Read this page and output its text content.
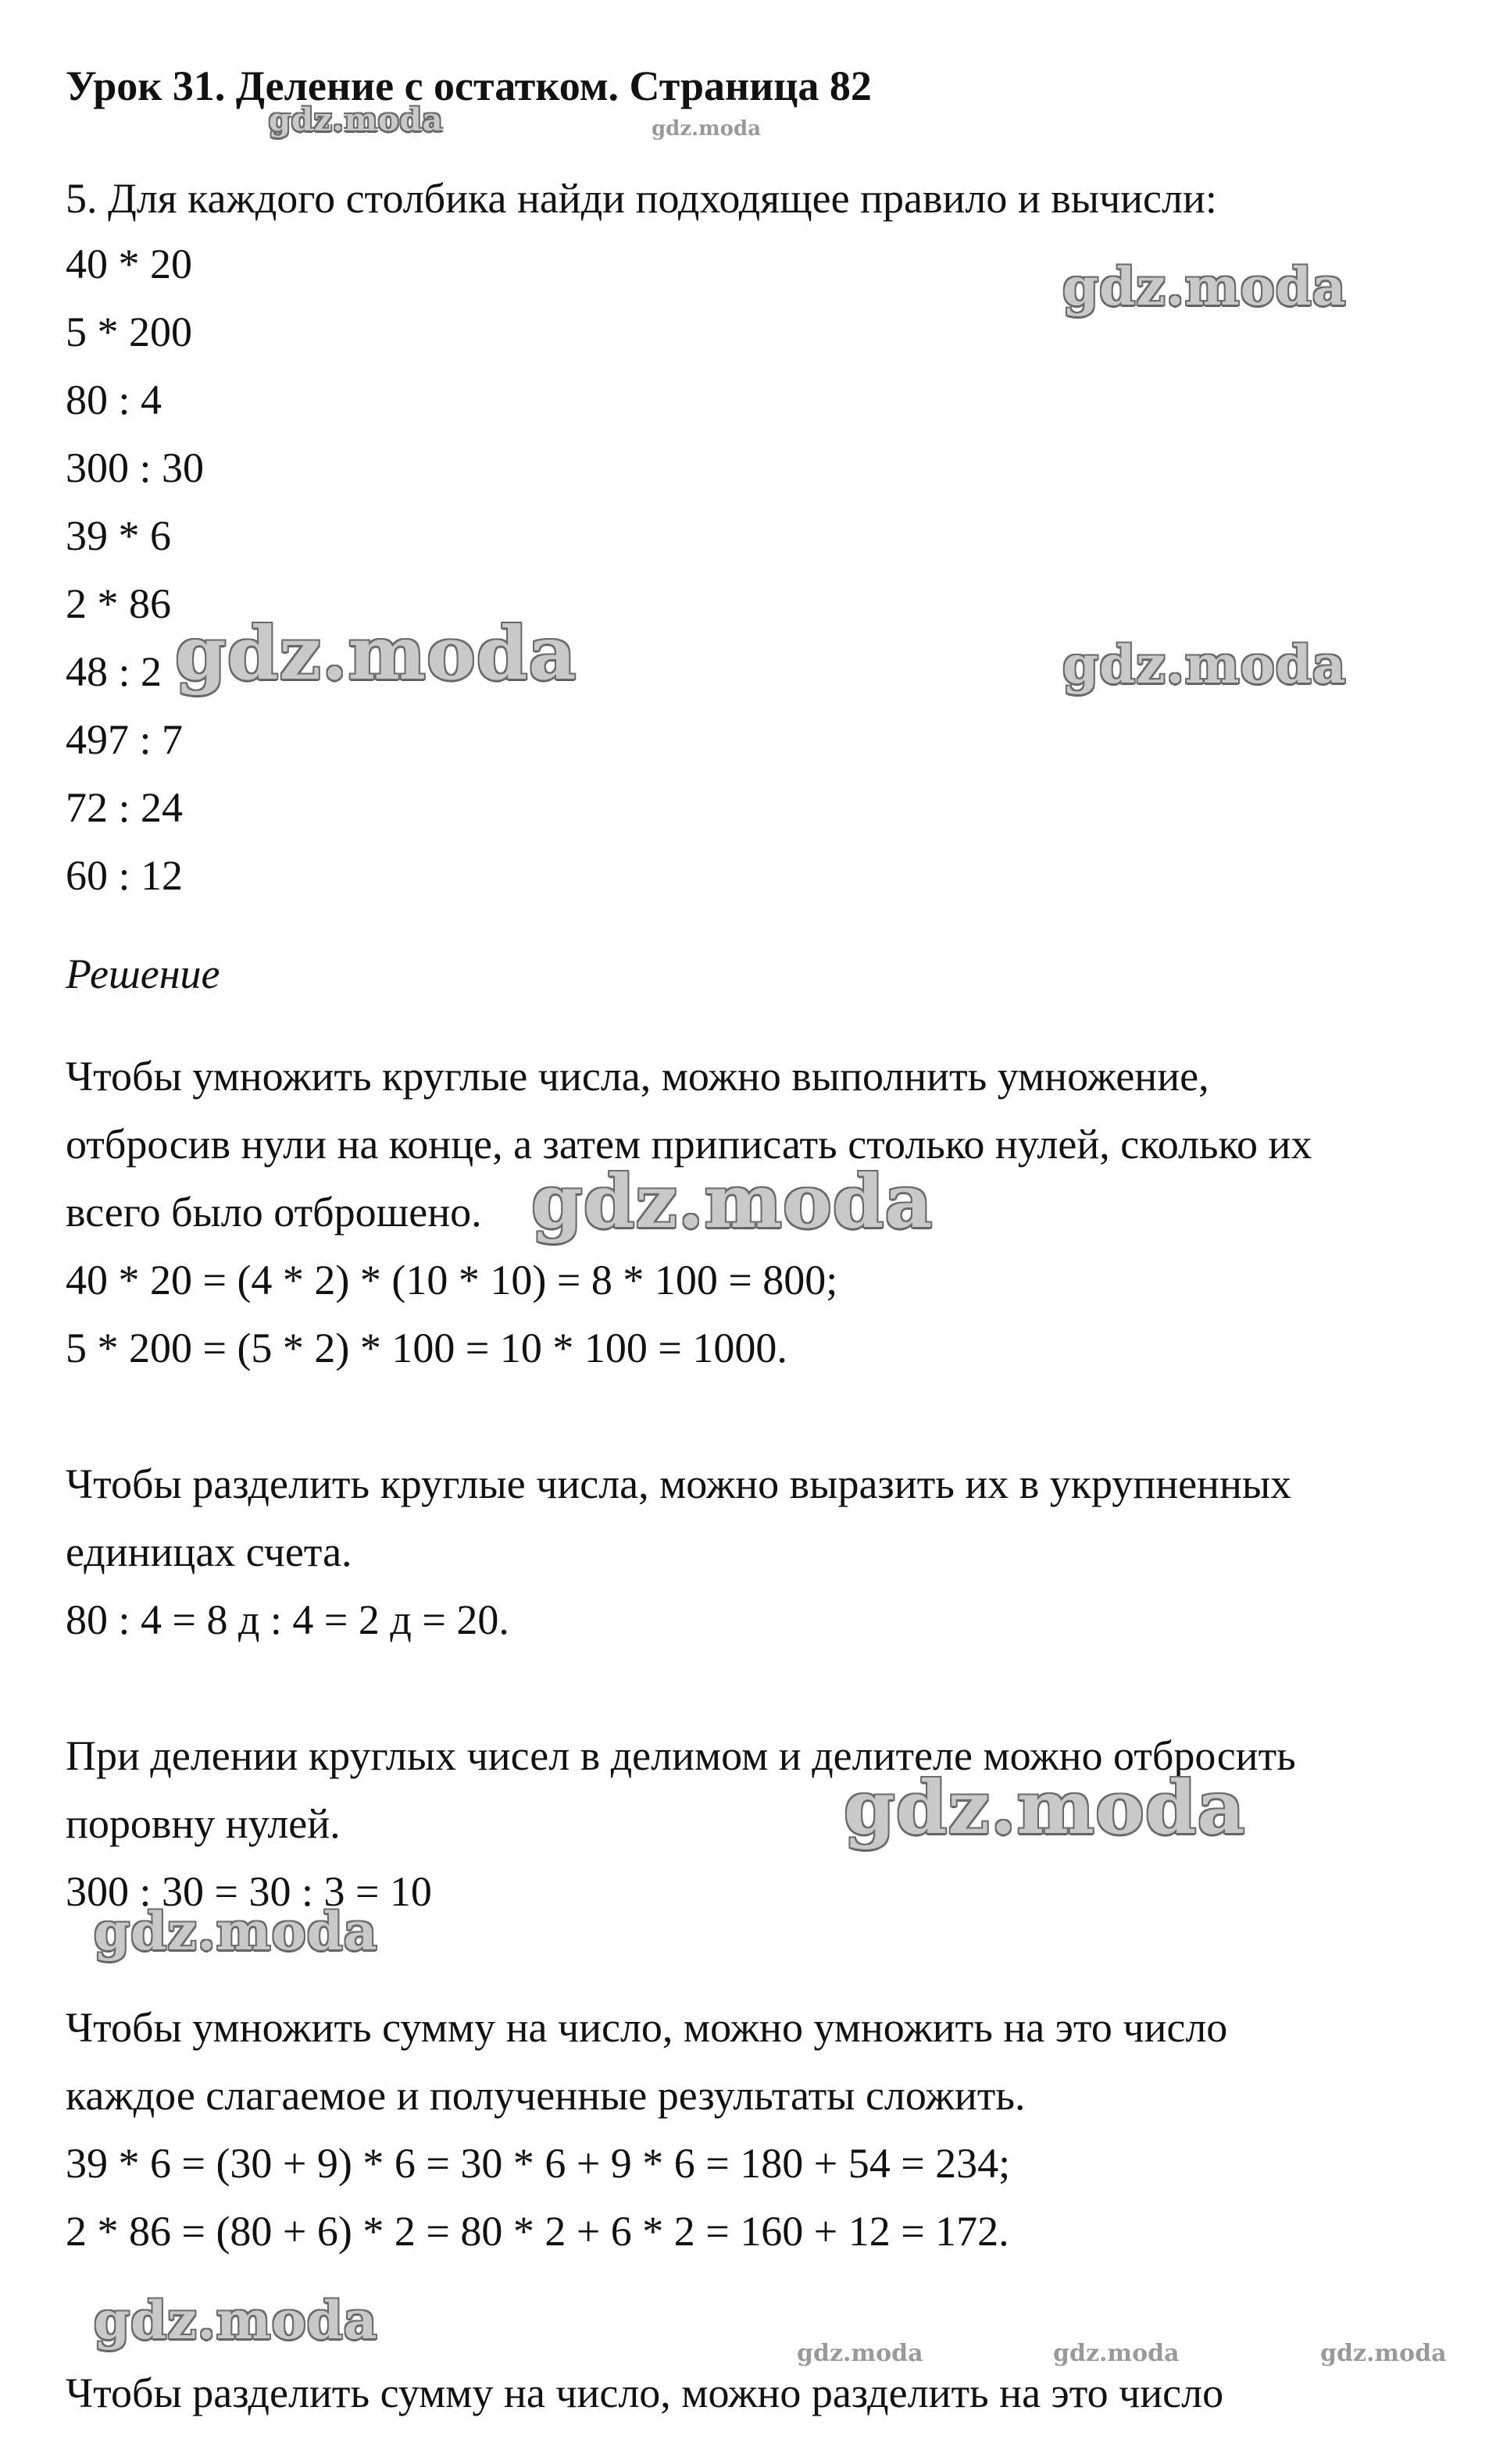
Урок 31. Деление с остатком. Страница 82
5. Для каждого столбика найди подходящее правило и вычисли:
40 * 20
5 * 200
80 : 4
300 : 30
39 * 6
2 * 86
48 : 2
497 : 7
72 : 24
60 : 12
Решение
Чтобы умножить круглые числа, можно выполнить умножение,
отбросив нули на конце, а затем приписать столько нулей, сколько их
всего было отброшено.
40 * 20 = (4 * 2) * (10 * 10) = 8 * 100 = 800;
5 * 200 = (5 * 2) * 100 = 10 * 100 = 1000.
Чтобы разделить круглые числа, можно выразить их в укрупненных
единицах счета.
80 : 4 = 8 д : 4 = 2 д = 20.
При делении круглых чисел в делимом и делителе можно отбросить
поровну нулей.
300 : 30 = 30 : 3 = 10
Чтобы умножить сумму на число, можно умножить на это число
каждое слагаемое и полученные результаты сложить.
39 * 6 = (30 + 9) * 6 = 30 * 6 + 9 * 6 = 180 + 54 = 234;
2 * 86 = (80 + 6) * 2 = 80 * 2 + 6 * 2 = 160 + 12 = 172.
Чтобы разделить сумму на число, можно разделить на это число
gdz.moda	gdz.moda
gdz.moda
gdz.moda	gdz.moda
gdz.moda
gdz.moda
gdz.moda
gdz.moda
gdz.moda	gdz.moda	gdz.moda
